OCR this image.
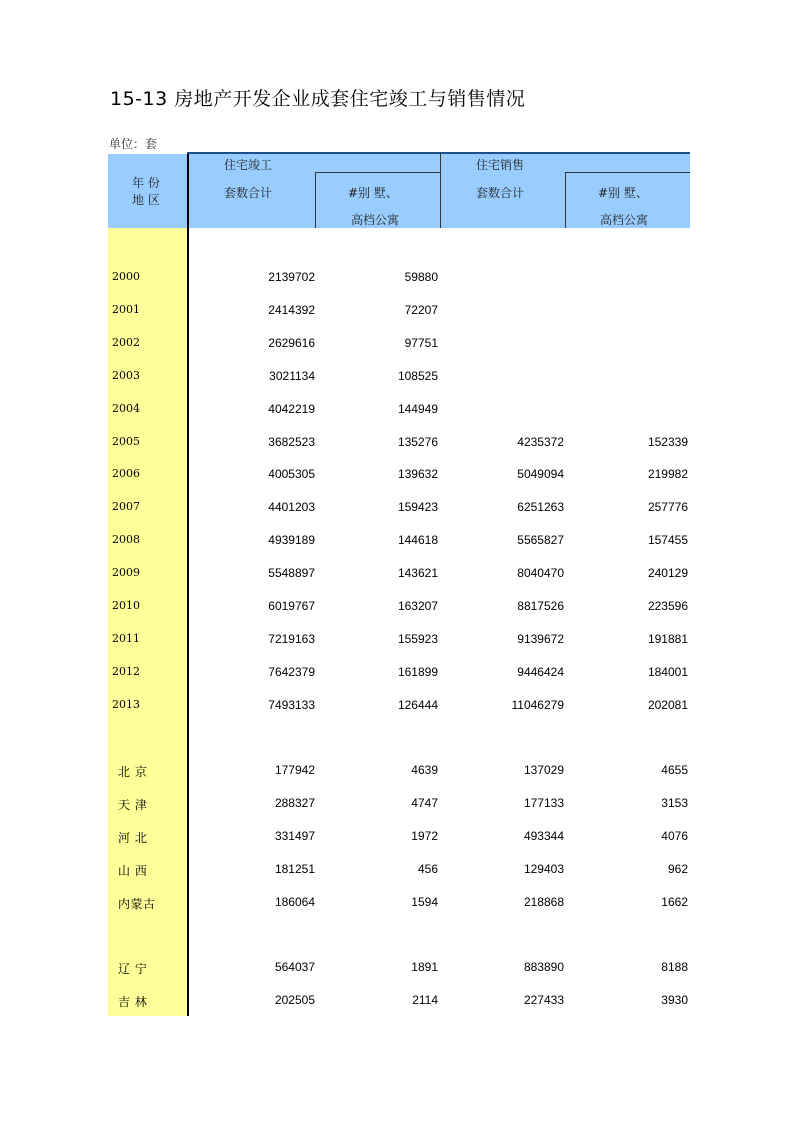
15-13 房地产开发企业成套住宅竣工与销售情况
单位：套
年 份
地 区
住宅竣工
套数合计	#别 墅、
高档公寓
住宅销售
套数合计	#别 墅、
高档公寓
2000	2139702	59880
2001	2414392	72207
2002	2629616	97751
2003	3021134	108525
2004	4042219	144949
2005	3682523	135276	4235372	152339
2006	4005305	139632	5049094	219982
2007	4401203	159423	6251263	257776
2008	4939189	144618	5565827	157455
2009	5548897	143621	8040470	240129
2010	6019767	163207	8817526	223596
2011	7219163	155923	9139672	191881
2012	7642379	161899	9446424	184001
2013	7493133	126444	11046279	202081
北 京	177942	4639	137029	4655
天 津	288327	4747	177133	3153
河 北	331497	1972	493344	4076
山 西	181251	456	129403	962
内蒙古	186064	1594	218868	1662
辽 宁	564037	1891	883890	8188
吉 林	202505	2114	227433	3930
